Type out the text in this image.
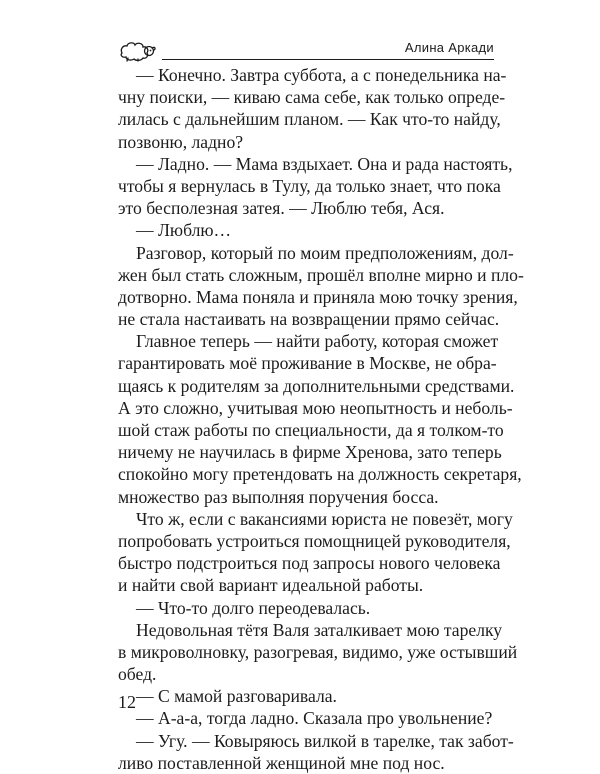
Алина Аркади
— Конечно. Завтра суббота, а с понедельника на-
чну поиски, — киваю сама себе, как только опреде-
лилась с дальнейшим планом. — Как что-то найду,
позвоню, ладно?
— Ладно. — Мама вздыхает. Она и рада настоять,
чтобы я вернулась в Тулу, да только знает, что пока
это бесполезная затея. — Люблю тебя, Ася.
— Люблю…
Разговор, который по моим предположениям, дол-
жен был стать сложным, прошёл вполне мирно и пло-
дотворно. Мама поняла и приняла мою точку зрения,
не стала настаивать на возвращении прямо сейчас.
Главное теперь — найти работу, которая сможет
гарантировать моё проживание в Москве, не обра-
щаясь к родителям за дополнительными средствами.
А это сложно, учитывая мою неопытность и неболь-
шой стаж работы по специальности, да я толком-то
ничему не научилась в фирме Хренова, зато теперь
спокойно могу претендовать на должность секретаря,
множество раз выполняя поручения босса.
Что ж, если с вакансиями юриста не повезёт, могу
попробовать устроиться помощницей руководителя,
быстро подстроиться под запросы нового человека
и найти свой вариант идеальной работы.
— Что-то долго переодевалась.
Недовольная тётя Валя заталкивает мою тарелку
в микроволновку, разогревая, видимо, уже остывший
обед.
— С мамой разговаривала.
— А-а-а, тогда ладно. Сказала про увольнение?
— Угу. — Ковыряюсь вилкой в тарелке, так забот-
ливо поставленной женщиной мне под нос.
12
